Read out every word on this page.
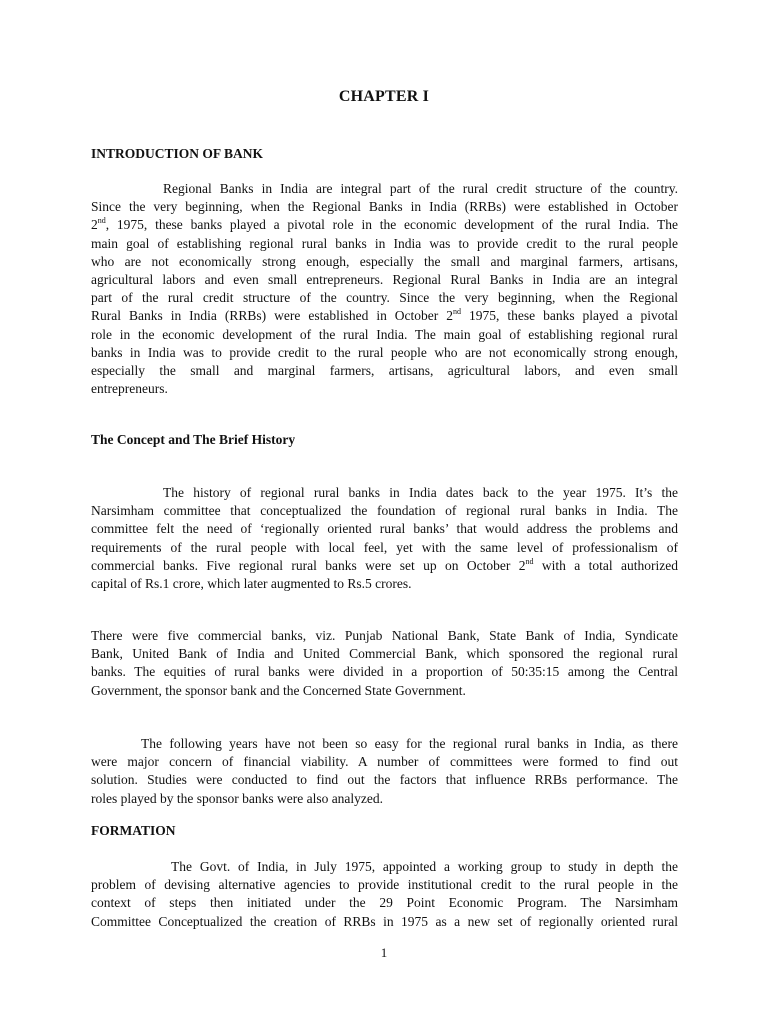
CHAPTER I
INTRODUCTION OF BANK
Regional Banks in India are integral part of the rural credit structure of the country.
Since the very beginning, when the Regional Banks in India (RRBs) were established in October
2nd, 1975, these banks played a pivotal role in the economic development of the rural India. The
main goal of establishing regional rural banks in India was to provide credit to the rural people
who are not economically strong enough, especially the small and marginal farmers, artisans,
agricultural labors and even small entrepreneurs. Regional Rural Banks in India are an integral
part of the rural credit structure of the country. Since the very beginning, when the Regional
Rural Banks in India (RRBs) were established in October 2nd 1975, these banks played a pivotal
role in the economic development of the rural India. The main goal of establishing regional rural
banks in India was to provide credit to the rural people who are not economically strong enough,
especially the small and marginal farmers, artisans, agricultural labors, and even small
entrepreneurs.
The Concept and The Brief History
The history of regional rural banks in India dates back to the year 1975. It’s the
Narsimham committee that conceptualized the foundation of regional rural banks in India. The
committee felt the need of ‘regionally oriented rural banks’ that would address the problems and
requirements of the rural people with local feel, yet with the same level of professionalism of
commercial banks. Five regional rural banks were set up on October 2nd with a total authorized
capital of Rs.1 crore, which later augmented to Rs.5 crores.
There were five commercial banks, viz. Punjab National Bank, State Bank of India, Syndicate
Bank, United Bank of India and United Commercial Bank, which sponsored the regional rural
banks. The equities of rural banks were divided in a proportion of 50:35:15 among the Central
Government, the sponsor bank and the Concerned State Government.
The following years have not been so easy for the regional rural banks in India, as there
were major concern of financial viability. A number of committees were formed to find out
solution. Studies were conducted to find out the factors that influence RRBs performance. The
roles played by the sponsor banks were also analyzed.
FORMATION
The Govt. of India, in July 1975, appointed a working group to study in depth the
problem of devising alternative agencies to provide institutional credit to the rural people in the
context of steps then initiated under the 29 Point Economic Program. The Narsimham
Committee Conceptualized the creation of RRBs in 1975 as a new set of regionally oriented rural
1
